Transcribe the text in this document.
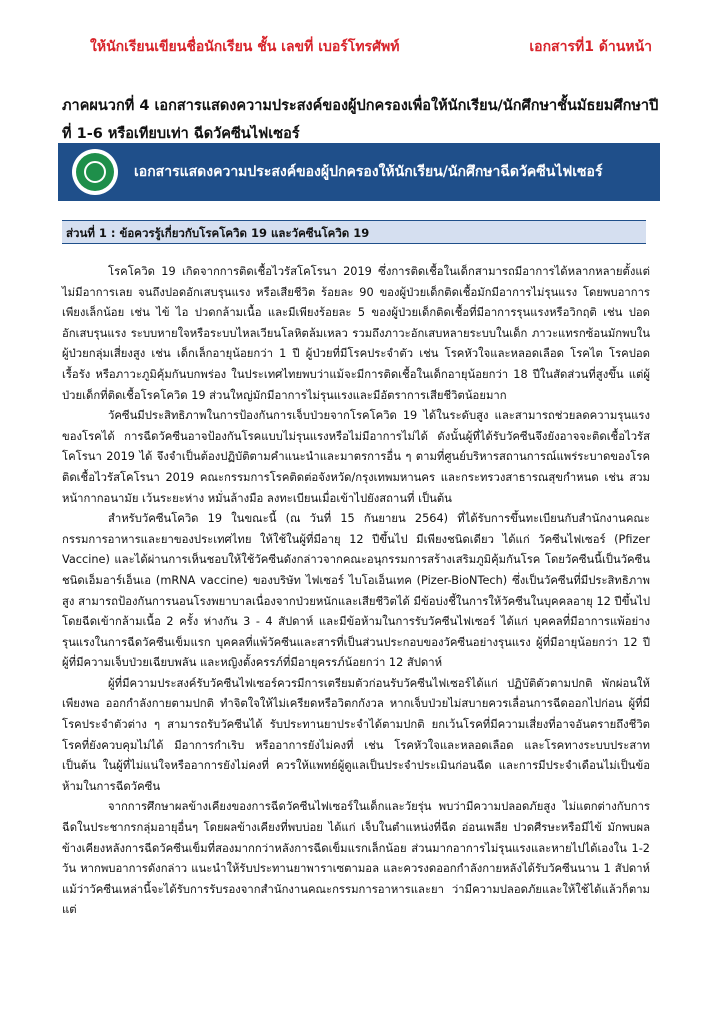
ให้นักเรียนเขียนชื่อนักเรียน ชั้น เลขที่ เบอร์โทรศัพท์	เอกสารที่1 ด้านหน้า
ภาคผนวกที่ 4 เอกสารแสดงความประสงค์ของผู้ปกครองเพื่อให้นักเรียน/นักศึกษาชั้นมัธยมศึกษาปีที่ 1-6 หรือเทียบเท่า ฉีดวัคซีนไฟเซอร์
เอกสารแสดงความประสงค์ของผู้ปกครองให้นักเรียน/นักศึกษาฉีดวัคซีนไฟเซอร์
ส่วนที่ 1 : ข้อควรรู้เกี่ยวกับโรคโควิด 19 และวัคซีนโควิด 19

โรคโควิด 19 เกิดจากการติดเชื้อไวรัสโคโรนา 2019 ซึ่งการติดเชื้อในเด็กสามารถมีอาการได้หลากหลายตั้งแต่ไม่มีอาการเลย จนถึงปอดอักเสบรุนแรง หรือเสียชีวิต ร้อยละ 90 ของผู้ป่วยเด็กติดเชื้อมักมีอาการไม่รุนแรง โดยพบอาการเพียงเล็กน้อย เช่น ไข้ ไอ ปวดกล้ามเนื้อ และมีเพียงร้อยละ 5 ของผู้ป่วยเด็กติดเชื้อที่มีอาการรุนแรงหรือวิกฤติ เช่น ปอดอักเสบรุนแรง ระบบหายใจหรือระบบไหลเวียนโลหิตล้มเหลว รวมถึงภาวะอักเสบหลายระบบในเด็ก ภาวะแทรกซ้อนมักพบในผู้ป่วยกลุ่มเสี่ยงสูง เช่น เด็กเล็กอายุน้อยกว่า 1 ปี ผู้ป่วยที่มีโรคประจำตัว เช่น โรคหัวใจและหลอดเลือด โรคไต โรคปอดเรื้อรัง หรือภาวะภูมิคุ้มกันบกพร่อง ในประเทศไทยพบว่าแม้จะมีการติดเชื้อในเด็กอายุน้อยกว่า 18 ปีในสัดส่วนที่สูงขึ้น แต่ผู้ป่วยเด็กที่ติดเชื้อโรคโควิด 19 ส่วนใหญ่มักมีอาการไม่รุนแรงและมีอัตราการเสียชีวิตน้อยมาก

วัคซีนมีประสิทธิภาพในการป้องกันการเจ็บป่วยจากโรคโควิด 19 ได้ในระดับสูง และสามารถช่วยลดความรุนแรงของโรคได้ การฉีดวัคซีนอาจป้องกันโรคแบบไม่รุนแรงหรือไม่มีอาการไม่ได้ ดังนั้นผู้ที่ได้รับวัคซีนจึงยังอาจจะติดเชื้อไวรัสโคโรนา 2019 ได้ จึงจำเป็นต้องปฏิบัติตามคำแนะนำและมาตรการอื่น ๆ ตามที่ศูนย์บริหารสถานการณ์แพร่ระบาดของโรคติดเชื้อไวรัสโคโรนา 2019 คณะกรรมการโรคติดต่อจังหวัด/กรุงเทพมหานคร และกระทรวงสาธารณสุขกำหนด เช่น สวมหน้ากากอนามัย เว้นระยะห่าง หมั่นล้างมือ ลงทะเบียนเมื่อเข้าไปยังสถานที่ เป็นต้น

สำหรับวัคซีนโควิด 19 ในขณะนี้ (ณ วันที่ 15 กันยายน 2564) ที่ได้รับการขึ้นทะเบียนกับสำนักงานคณะกรรมการอาหารและยาของประเทศไทย ให้ใช้ในผู้ที่มีอายุ 12 ปีขึ้นไป มีเพียงชนิดเดียว ได้แก่ วัคซีนไฟเซอร์ (Pfizer Vaccine) และได้ผ่านการเห็นชอบให้ใช้วัคซีนดังกล่าวจากคณะอนุกรรมการสร้างเสริมภูมิคุ้มกันโรค โดยวัคซีนนี้เป็นวัคซีนชนิดเอ็มอาร์เอ็นเอ (mRNA vaccine) ของบริษัท ไฟเซอร์ ไบโอเอ็นเทค (Pizer-BioNTech) ซึ่งเป็นวัคซีนที่มีประสิทธิภาพสูง สามารถป้องกันการนอนโรงพยาบาลเนื่องจากป่วยหนักและเสียชีวิตได้ มีข้อบ่งชี้ในการให้วัคซีนในบุคคลอายุ 12 ปีขึ้นไป โดยฉีดเข้ากล้ามเนื้อ 2 ครั้ง ห่างกัน 3 - 4 สัปดาห์ และมีข้อห้ามในการรับวัคซีนไฟเซอร์ ได้แก่ บุคคลที่มีอาการแพ้อย่างรุนแรงในการฉีดวัคซีนเข็มแรก บุคคลที่แพ้วัคซีนและสารที่เป็นส่วนประกอบของวัคซีนอย่างรุนแรง ผู้ที่มีอายุน้อยกว่า 12 ปี ผู้ที่มีความเจ็บป่วยเฉียบพลัน และหญิงตั้งครรภ์ที่มีอายุครรภ์น้อยกว่า 12 สัปดาห์

ผู้ที่มีความประสงค์รับวัคซีนไฟเซอร์ควรมีการเตรียมตัวก่อนรับวัคซีนไฟเซอร์ได้แก่ ปฏิบัติตัวตามปกติ พักผ่อนให้เพียงพอ ออกกำลังกายตามปกติ ทำจิตใจให้ไม่เครียดหรือวิตกกังวล หากเจ็บป่วยไม่สบายควรเลื่อนการฉีดออกไปก่อน ผู้ที่มีโรคประจำตัวต่าง ๆ สามารถรับวัคซีนได้ รับประทานยาประจำได้ตามปกติ ยกเว้นโรคที่มีความเสี่ยงที่อาจอันตรายถึงชีวิต โรคที่ยังควบคุมไม่ได้ มีอาการกำเริบ หรืออาการยังไม่คงที่ เช่น โรคหัวใจและหลอดเลือด และโรคทางระบบประสาท เป็นต้น ในผู้ที่ไม่แน่ใจหรืออาการยังไม่คงที่ ควรให้แพทย์ผู้ดูแลเป็นประจำประเมินก่อนฉีด และการมีประจำเดือนไม่เป็นข้อห้ามในการฉีดวัคซีน

จากการศึกษาผลข้างเคียงของการฉีดวัคซีนไฟเซอร์ในเด็กและวัยรุ่น พบว่ามีความปลอดภัยสูง ไม่แตกต่างกับการฉีดในประชากรกลุ่มอายุอื่นๆ โดยผลข้างเคียงที่พบบ่อย ได้แก่ เจ็บในตำแหน่งที่ฉีด อ่อนเพลีย ปวดศีรษะหรือมีไข้ มักพบผลข้างเคียงหลังการฉีดวัคซีนเข็มที่สองมากกว่าหลังการฉีดเข็มแรกเล็กน้อย ส่วนมากอาการไม่รุนแรงและหายไปได้เองใน 1-2 วัน หากพบอาการดังกล่าว แนะนำให้รับประทานยาพาราเซตามอล และควรงดออกกำลังกายหลังได้รับวัคซีนนาน 1 สัปดาห์ แม้ว่าวัคซีนเหล่านี้จะได้รับการรับรองจากสำนักงานคณะกรรมการอาหารและยา ว่ามีความปลอดภัยและให้ใช้ได้แล้วก็ตาม แต่
